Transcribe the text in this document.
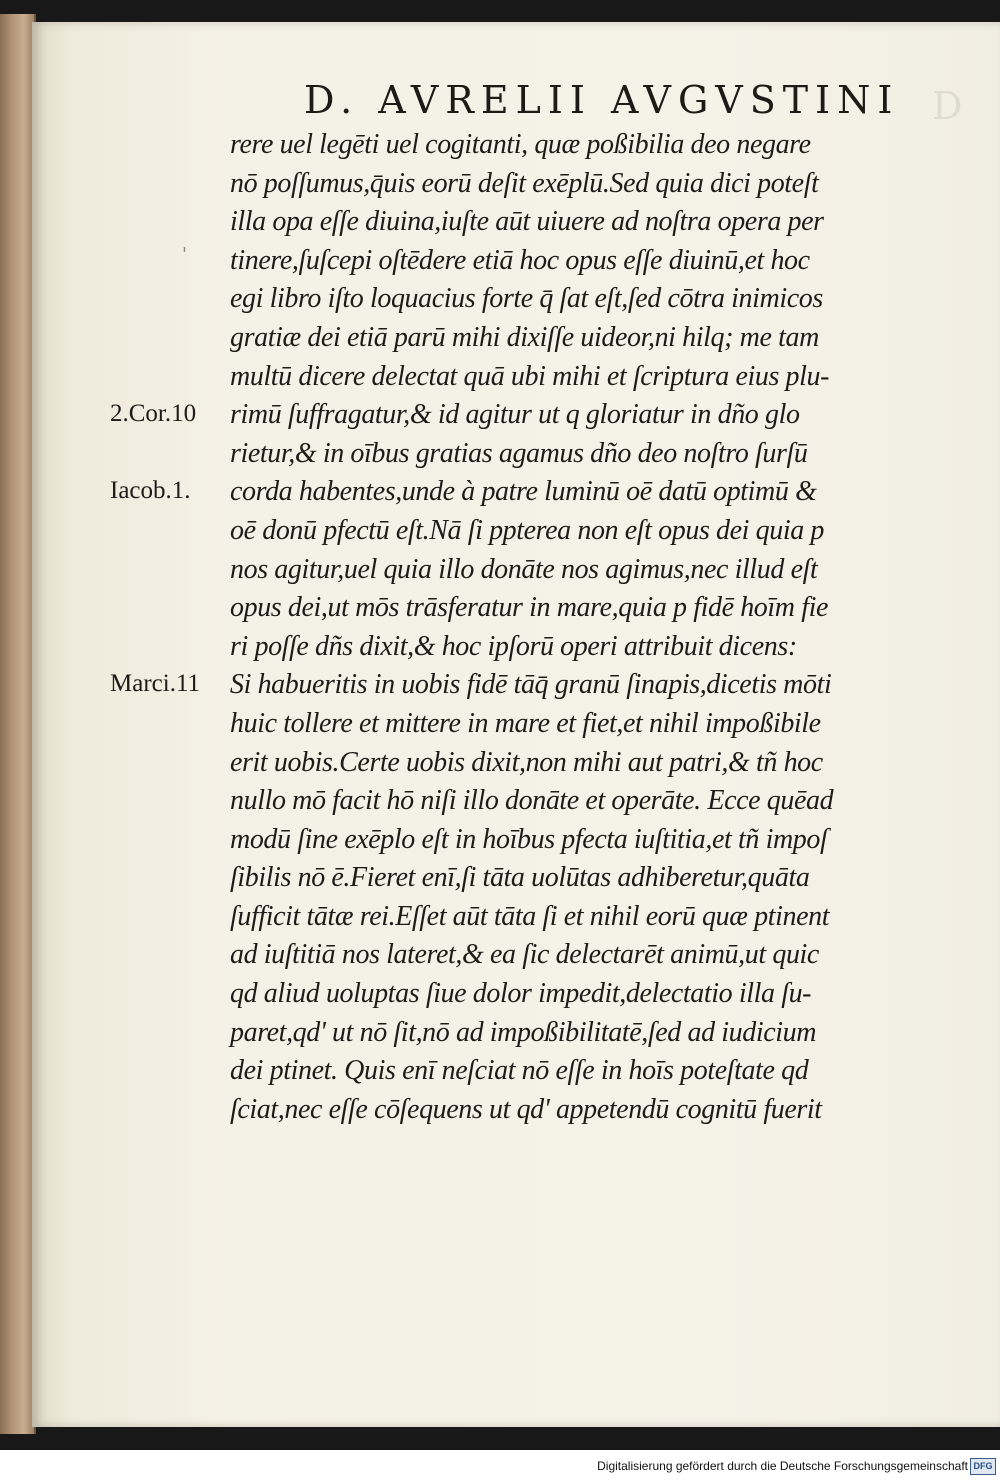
D. AVRELII AVGVSTINI D
'
2.Cor.10
Iacob.1.
Marci.11
rere uel legēti uel cogitanti, quæ poßibilia deo negare
nō poſſumus,q̄uis eorū deſit exēplū.Sed quia dici poteſt
illa opa eſſe diuina,iuſte aūt uiuere ad noſtra opera per
tinere,ſuſcepi oſtēdere etiā hoc opus eſſe diuinū,et hoc
egi libro iſto loquacius forte q̄ ſat eſt,ſed cōtra inimicos
gratiæ dei etiā parū mihi dixiſſe uideor,ni hilq; me tam
multū dicere delectat quā ubi mihi et ſcriptura eius plu-
rimū ſuffragatur,& id agitur ut q gloriatur in dño glo
rietur,& in oībus gratias agamus dño deo noſtro ſurſū
corda habentes,unde à patre luminū oē datū optimū &
oē donū pfectū eſt.Nā ſi ppterea non eſt opus dei quia p
nos agitur,uel quia illo donāte nos agimus,nec illud eſt
opus dei,ut mōs trāsferatur in mare,quia p fidē hoīm fie
ri poſſe dñs dixit,& hoc ipſorū operi attribuit dicens:
Si habueritis in uobis fidē tāq̄ granū ſinapis,dicetis mōti
huic tollere et mittere in mare et fiet,et nihil impoßibile
erit uobis.Certe uobis dixit,non mihi aut patri,& tñ hoc
nullo mō facit hō niſi illo donāte et operāte. Ecce quēad
modū ſine exēplo eſt in hoībus pfecta iuſtitia,et tñ impoſ
ſibilis nō ē.Fieret enī,ſi tāta uolūtas adhiberetur,quāta
ſufficit tātæ rei.Eſſet aūt tāta ſi et nihil eorū quæ ptinent
ad iuſtitiā nos lateret,& ea ſic delectarēt animū,ut quic
qd aliud uoluptas ſiue dolor impedit,delectatio illa ſu-
paret,qd' ut nō ſit,nō ad impoßibilitatē,ſed ad iudicium
dei ptinet. Quis enī neſciat nō eſſe in hoīs poteſtate qd
ſciat,nec eſſe cōſequens ut qd' appetendū cognitū fuerit
Digitalisierung gefördert durch die Deutsche Forschungsgemeinschaft DFG
